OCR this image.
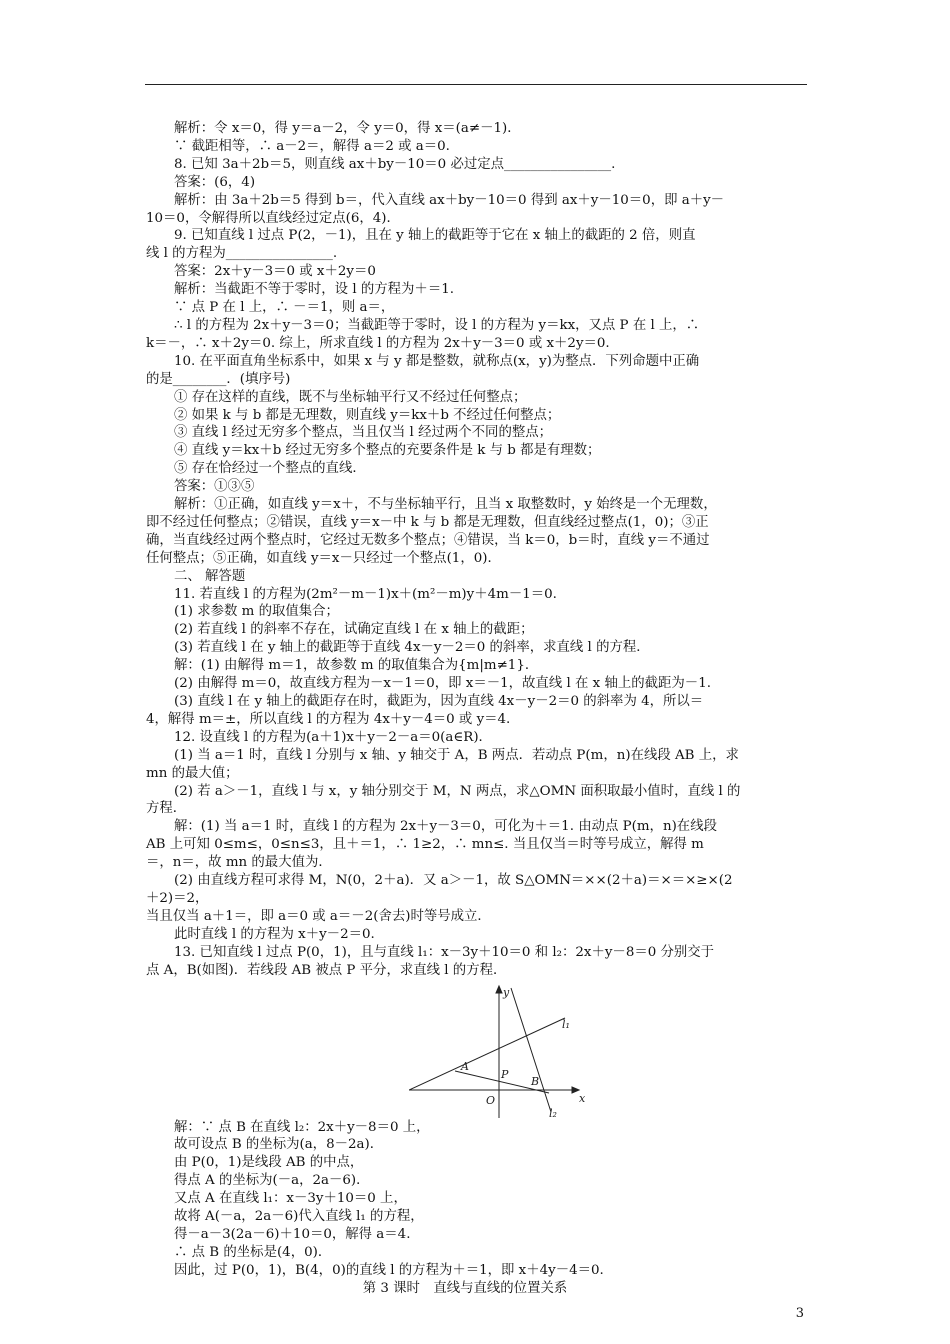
解析：令 x＝0，得 y＝a－2，令 y＝0，得 x＝(a≠－1)．
∵ 截距相等，∴ a－2＝，解得 a＝2 或 a＝0.
8. 已知 3a＋2b＝5，则直线 ax＋by－10＝0 必过定点________________.
答案：(6，4)
解析：由 3a＋2b＝5 得到 b＝，代入直线 ax＋by－10＝0 得到 ax＋y－10＝0，即 a＋y－
10＝0，令解得所以直线经过定点(6，4)．
9. 已知直线 l 过点 P(2，－1)，且在 y 轴上的截距等于它在 x 轴上的截距的 2 倍，则直
线 l 的方程为________________.
答案：2x＋y－3＝0 或 x＋2y＝0
解析：当截距不等于零时，设 l 的方程为＋＝1.
∵ 点 P 在 l 上，∴ －＝1，则 a＝，
∴ l 的方程为 2x＋y－3＝0；当截距等于零时，设 l 的方程为 y＝kx，又点 P 在 l 上，∴
k＝－，∴ x＋2y＝0. 综上，所求直线 l 的方程为 2x＋y－3＝0 或 x＋2y＝0.
10. 在平面直角坐标系中，如果 x 与 y 都是整数，就称点(x，y)为整点．下列命题中正确
的是________．(填序号)
① 存在这样的直线，既不与坐标轴平行又不经过任何整点；
② 如果 k 与 b 都是无理数，则直线 y＝kx＋b 不经过任何整点；
③ 直线 l 经过无穷多个整点，当且仅当 l 经过两个不同的整点；
④ 直线 y＝kx＋b 经过无穷多个整点的充要条件是 k 与 b 都是有理数；
⑤ 存在恰经过一个整点的直线．
答案：①③⑤
解析：①正确，如直线 y＝x＋，不与坐标轴平行，且当 x 取整数时，y 始终是一个无理数，
即不经过任何整点；②错误，直线 y＝x－中 k 与 b 都是无理数，但直线经过整点(1，0)；③正
确，当直线经过两个整点时，它经过无数多个整点；④错误，当 k＝0，b＝时，直线 y＝不通过
任何整点；⑤正确，如直线 y＝x－只经过一个整点(1，0)．
二、 解答题
11. 若直线 l 的方程为(2m²－m－1)x＋(m²－m)y＋4m－1＝0.
(1) 求参数 m 的取值集合；
(2) 若直线 l 的斜率不存在，试确定直线 l 在 x 轴上的截距；
(3) 若直线 l 在 y 轴上的截距等于直线 4x－y－2＝0 的斜率，求直线 l 的方程．
解：(1) 由解得 m＝1，故参数 m 的取值集合为{m|m≠1}．
(2) 由解得 m＝0，故直线方程为－x－1＝0，即 x＝－1，故直线 l 在 x 轴上的截距为－1.
(3) 直线 l 在 y 轴上的截距存在时，截距为，因为直线 4x－y－2＝0 的斜率为 4，所以＝
4，解得 m＝±，所以直线 l 的方程为 4x＋y－4＝0 或 y＝4.
12. 设直线 l 的方程为(a＋1)x＋y－2－a＝0(a∈R)．
(1) 当 a＝1 时，直线 l 分别与 x 轴、y 轴交于 A，B 两点．若动点 P(m，n)在线段 AB 上，求
mn 的最大值；
(2) 若 a＞－1，直线 l 与 x，y 轴分别交于 M，N 两点，求△OMN 面积取最小值时，直线 l 的
方程．
解：(1) 当 a＝1 时，直线 l 的方程为 2x＋y－3＝0，可化为＋＝1. 由动点 P(m，n)在线段
AB 上可知 0≤m≤，0≤n≤3，且＋＝1，∴ 1≥2，∴ mn≤. 当且仅当＝时等号成立，解得 m
＝，n＝，故 mn 的最大值为．
(2) 由直线方程可求得 M，N(0，2＋a)．又 a＞－1，故 S△OMN＝××(2＋a)＝×＝×≥×(2
＋2)＝2，
当且仅当 a＋1＝，即 a＝0 或 a＝－2(舍去)时等号成立．
此时直线 l 的方程为 x＋y－2＝0.
13. 已知直线 l 过点 P(0，1)，且与直线 l₁：x－3y＋10＝0 和 l₂：2x＋y－8＝0 分别交于
点 A，B(如图)．若线段 AB 被点 P 平分，求直线 l 的方程．
y
x
O
A
P
B
l₁
l₂
解：∵ 点 B 在直线 l₂：2x＋y－8＝0 上，
故可设点 B 的坐标为(a，8－2a)．
由 P(0，1)是线段 AB 的中点，
得点 A 的坐标为(－a，2a－6)．
又点 A 在直线 l₁：x－3y＋10＝0 上，
故将 A(－a，2a－6)代入直线 l₁ 的方程，
得－a－3(2a－6)＋10＝0，解得 a＝4.
∴ 点 B 的坐标是(4，0)．
因此，过 P(0，1)，B(4，0)的直线 l 的方程为＋＝1，即 x＋4y－4＝0.
第 3 课时　直线与直线的位置关系
3
